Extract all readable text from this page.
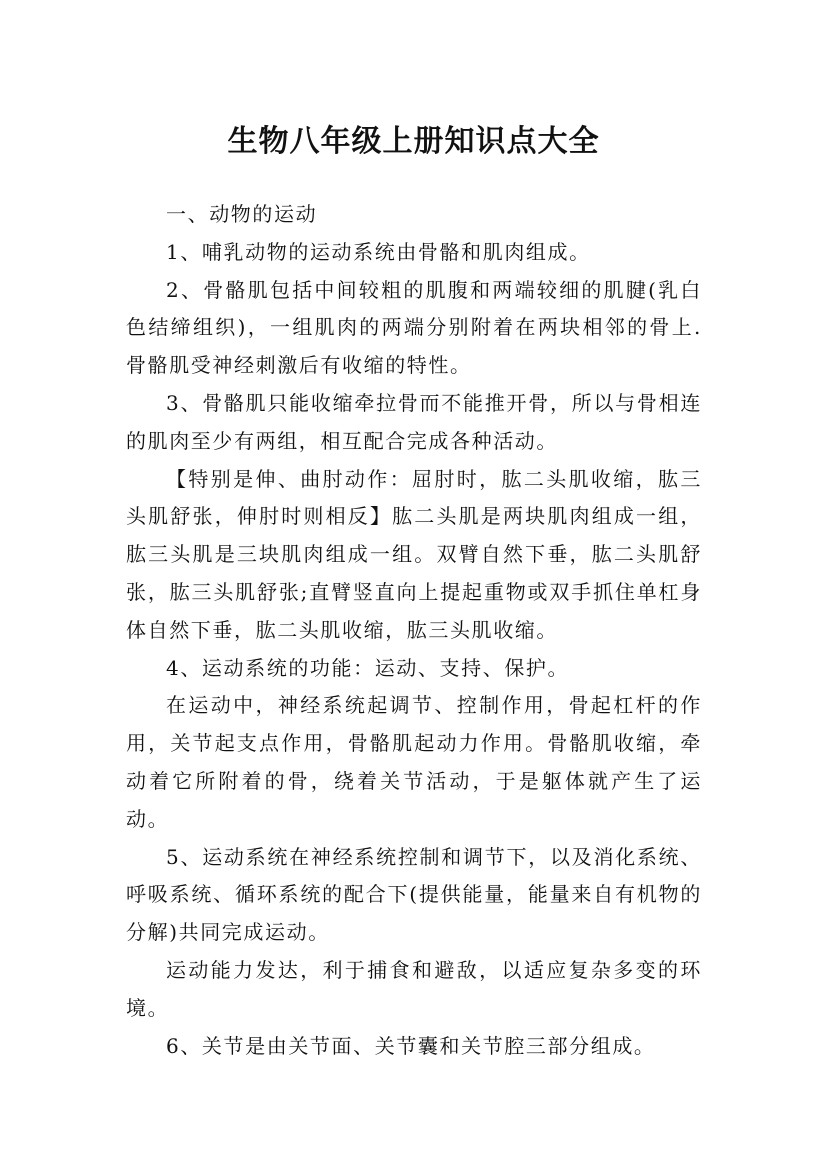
生物八年级上册知识点大全

一、动物的运动

1、哺乳动物的运动系统由骨骼和肌肉组成。

2、骨骼肌包括中间较粗的肌腹和两端较细的肌腱(乳白色结缔组织)，一组肌肉的两端分别附着在两块相邻的骨上.骨骼肌受神经刺激后有收缩的特性。

3、骨骼肌只能收缩牵拉骨而不能推开骨，所以与骨相连的肌肉至少有两组，相互配合完成各种活动。

【特别是伸、曲肘动作：屈肘时，肱二头肌收缩，肱三头肌舒张，伸肘时则相反】肱二头肌是两块肌肉组成一组，肱三头肌是三块肌肉组成一组。双臂自然下垂，肱二头肌舒张，肱三头肌舒张;直臂竖直向上提起重物或双手抓住单杠身体自然下垂，肱二头肌收缩，肱三头肌收缩。

4、运动系统的功能：运动、支持、保护。

在运动中，神经系统起调节、控制作用，骨起杠杆的作用，关节起支点作用，骨骼肌起动力作用。骨骼肌收缩，牵动着它所附着的骨，绕着关节活动，于是躯体就产生了运动。

5、运动系统在神经系统控制和调节下，以及消化系统、呼吸系统、循环系统的配合下(提供能量，能量来自有机物的分解)共同完成运动。

运动能力发达，利于捕食和避敌，以适应复杂多变的环境。

6、关节是由关节面、关节囊和关节腔三部分组成。
